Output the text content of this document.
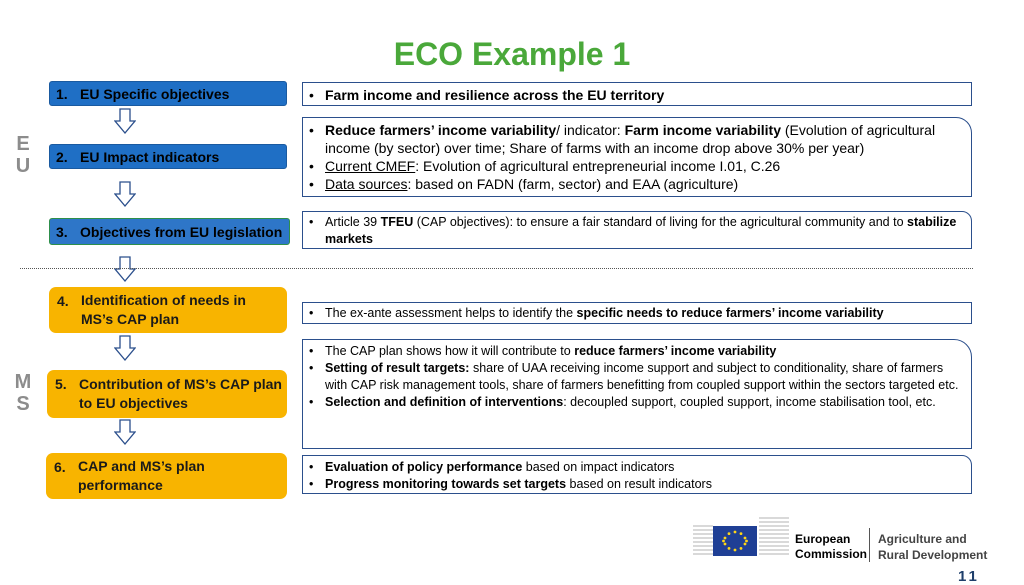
ECO Example 1
E
U
M
S
1. EU Specific objectives
2. EU Impact indicators
3. Objectives from EU legislation
4. Identification of needs in MS’s CAP plan
5. Contribution of MS’s CAP plan to EU objectives
6. CAP and MS’s plan performance
• Farm income and resilience across the EU territory
• Reduce farmers’ income variability/ indicator: Farm income variability (Evolution of agricultural income (by sector) over time; Share of farms with an income drop above 30% per year)
• Current CMEF: Evolution of agricultural entrepreneurial income I.01, C.26
• Data sources: based on FADN (farm, sector) and EAA (agriculture)
• Article 39 TFEU (CAP objectives): to ensure a fair standard of living for the agricultural community and to stabilize markets
• The ex-ante assessment helps to identify the specific needs to reduce farmers’ income variability
• The CAP plan shows how it will contribute to reduce farmers’ income variability
• Setting of result targets: share of UAA receiving income support and subject to conditionality, share of farmers with CAP risk management tools, share of farmers benefitting from coupled support within the sectors targeted etc.
• Selection and definition of interventions: decoupled support, coupled support, income stabilisation tool, etc.
• Evaluation of policy performance based on impact indicators
• Progress monitoring towards set targets based on result indicators
European
Commission
Agriculture and
Rural Development
11
